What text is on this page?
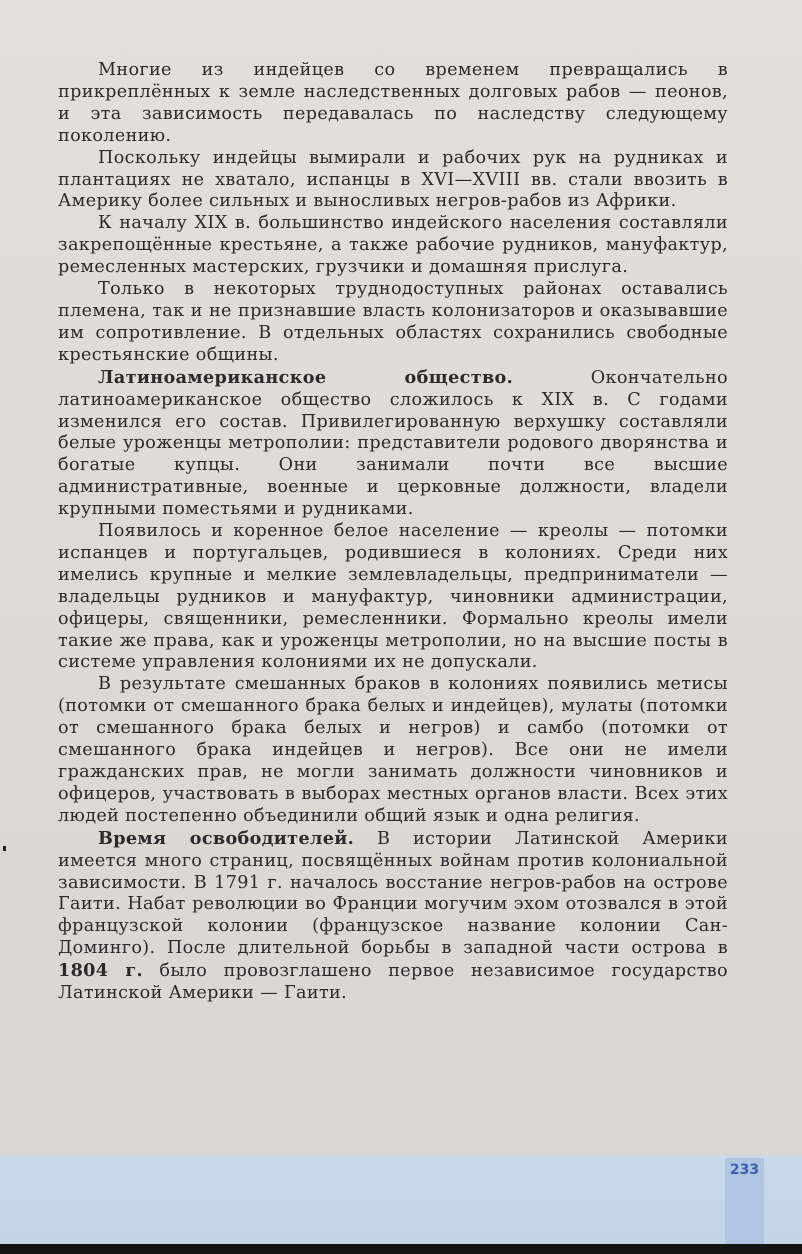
Многие из индейцев со временем превращались в прикреплённых к земле наследственных долговых рабов — пеонов, и эта зависимость передавалась по наследству следующему поколению.

Поскольку индейцы вымирали и рабочих рук на рудниках и плантациях не хватало, испанцы в XVI—XVIII вв. стали ввозить в Америку более сильных и выносливых негров-рабов из Африки.

К началу XIX в. большинство индейского населения составляли закрепощённые крестьяне, а также рабочие рудников, мануфактур, ремесленных мастерских, грузчики и домашняя прислуга.

Только в некоторых труднодоступных районах оставались племена, так и не признавшие власть колонизаторов и оказывавшие им сопротивление. В отдельных областях сохранились свободные крестьянские общины.

Латиноамериканское общество. Окончательно латиноамериканское общество сложилось к XIX в. С годами изменился его состав. Привилегированную верхушку составляли белые уроженцы метрополии: представители родового дворянства и богатые купцы. Они занимали почти все высшие административные, военные и церковные должности, владели крупными поместьями и рудниками.

Появилось и коренное белое население — креолы — потомки испанцев и португальцев, родившиеся в колониях. Среди них имелись крупные и мелкие землевладельцы, предприниматели — владельцы рудников и мануфактур, чиновники администрации, офицеры, священники, ремесленники. Формально креолы имели такие же права, как и уроженцы метрополии, но на высшие посты в системе управления колониями их не допускали.

В результате смешанных браков в колониях появились метисы (потомки от смешанного брака белых и индейцев), мулаты (потомки от смешанного брака белых и негров) и самбо (потомки от смешанного брака индейцев и негров). Все они не имели гражданских прав, не могли занимать должности чиновников и офицеров, участвовать в выборах местных органов власти. Всех этих людей постепенно объединили общий язык и одна религия.

Время освободителей. В истории Латинской Америки имеется много страниц, посвящённых войнам против колониальной зависимости. В 1791 г. началось восстание негров-рабов на острове Гаити. Набат революции во Франции могучим эхом отозвался в этой французской колонии (французское название колонии Сан-Доминго). После длительной борьбы в западной части острова в 1804 г. было провозглашено первое независимое государство Латинской Америки — Гаити.

233
